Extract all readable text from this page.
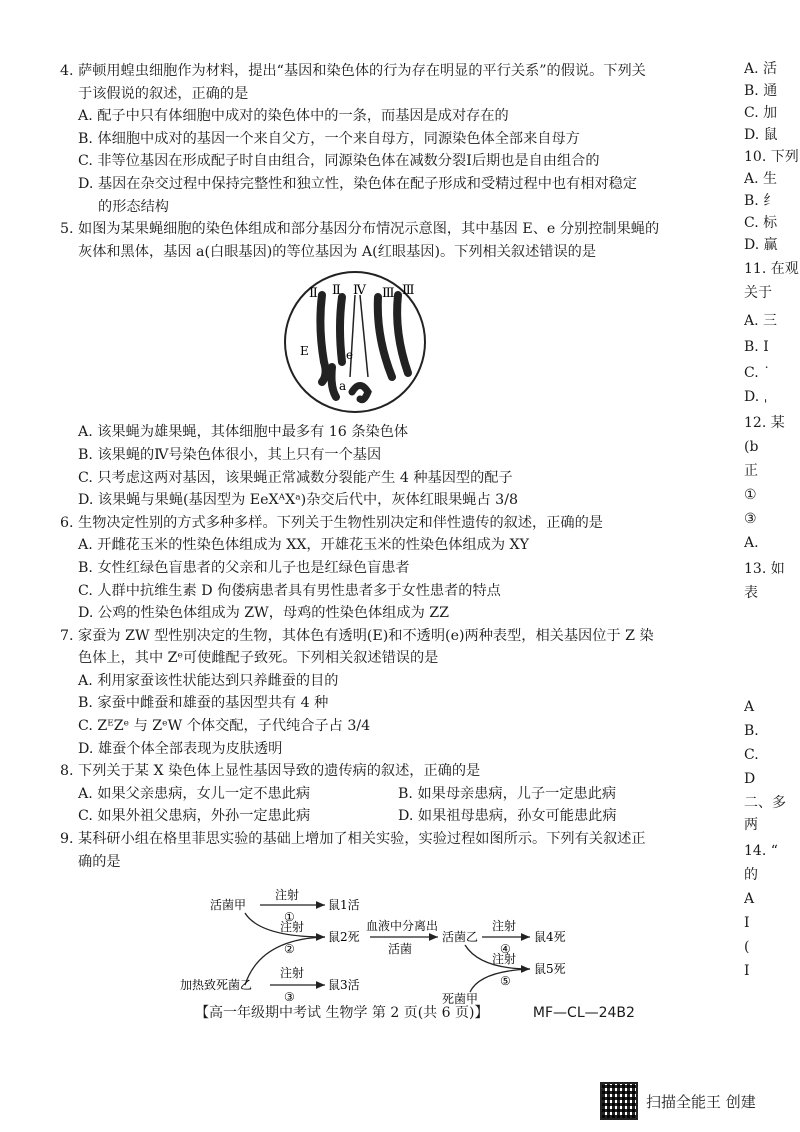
4. 萨顿用蝗虫细胞作为材料，提出“基因和染色体的行为存在明显的平行关系”的假说。下列关

于该假说的叙述，正确的是

A. 配子中只有体细胞中成对的染色体中的一条，而基因是成对存在的

B. 体细胞中成对的基因一个来自父方，一个来自母方，同源染色体全部来自母方

C. 非等位基因在形成配子时自由组合，同源染色体在减数分裂Ⅰ后期也是自由组合的

D. 基因在杂交过程中保持完整性和独立性，染色体在配子形成和受精过程中也有相对稳定

的形态结构

5. 如图为某果蝇细胞的染色体组成和部分基因分布情况示意图，其中基因 E、e 分别控制果蝇的

灰体和黑体，基因 a(白眼基因)的等位基因为 A(红眼基因)。下列相关叙述错误的是

Ⅱ	Ⅳ Ⅲ
Ⅱ	Ⅲ
E	e
a

A. 该果蝇为雄果蝇，其体细胞中最多有 16 条染色体

B. 该果蝇的Ⅳ号染色体很小，其上只有一个基因

C. 只考虑这两对基因，该果蝇正常减数分裂能产生 4 种基因型的配子

D. 该果蝇与果蝇(基因型为 EeXᴬXᵃ)杂交后代中，灰体红眼果蝇占 3/8

6. 生物决定性别的方式多种多样。下列关于生物性别决定和伴性遗传的叙述，正确的是

A. 开雌花玉米的性染色体组成为 XX，开雄花玉米的性染色体组成为 XY

B. 女性红绿色盲患者的父亲和儿子也是红绿色盲患者

C. 人群中抗维生素 D 佝偻病患者具有男性患者多于女性患者的特点

D. 公鸡的性染色体组成为 ZW，母鸡的性染色体组成为 ZZ

7. 家蚕为 ZW 型性别决定的生物，其体色有透明(E)和不透明(e)两种表型，相关基因位于 Z 染

色体上，其中 Zᵉ可使雌配子致死。下列相关叙述错误的是

A. 利用家蚕该性状能达到只养雌蚕的目的

B. 家蚕中雌蚕和雄蚕的基因型共有 4 种

C. ZᴱZᵉ 与 ZᵉW 个体交配，子代纯合子占 3/4

D. 雄蚕个体全部表现为皮肤透明

8. 下列关于某 X 染色体上显性基因导致的遗传病的叙述，正确的是

A. 如果父亲患病，女儿一定不患此病	B. 如果母亲患病，儿子一定患此病
C. 如果外祖父患病，外孙一定患此病	D. 如果祖母患病，孙女可能患此病

9. 某科研小组在格里菲思实验的基础上增加了相关实验，实验过程如图所示。下列有关叙述正

确的是

活菌甲
注射
①
鼠1活
注射
②
鼠2死
加热致死菌乙
注射
③
鼠3活
血液中分离出
活菌
活菌乙
注射
④
鼠4死
注射
⑤
鼠5死
死菌甲
A. 活
B. 通
C. 加
D. 鼠
10. 下列
A. 生
B. 纟
C. 标
D. 赢
11. 在观
关于
A. 三
B. I
C. ˙
D. ˌ
12. 某
(b
正
①
③
A.
13. 如
表
A
B.
C.
D
二、多
两
14. “
的
A
I
(
I
【高一年级期中考试 生物学 第 2 页(共 6 页)】	MF—CL—24B2
扫描全能王 创建
